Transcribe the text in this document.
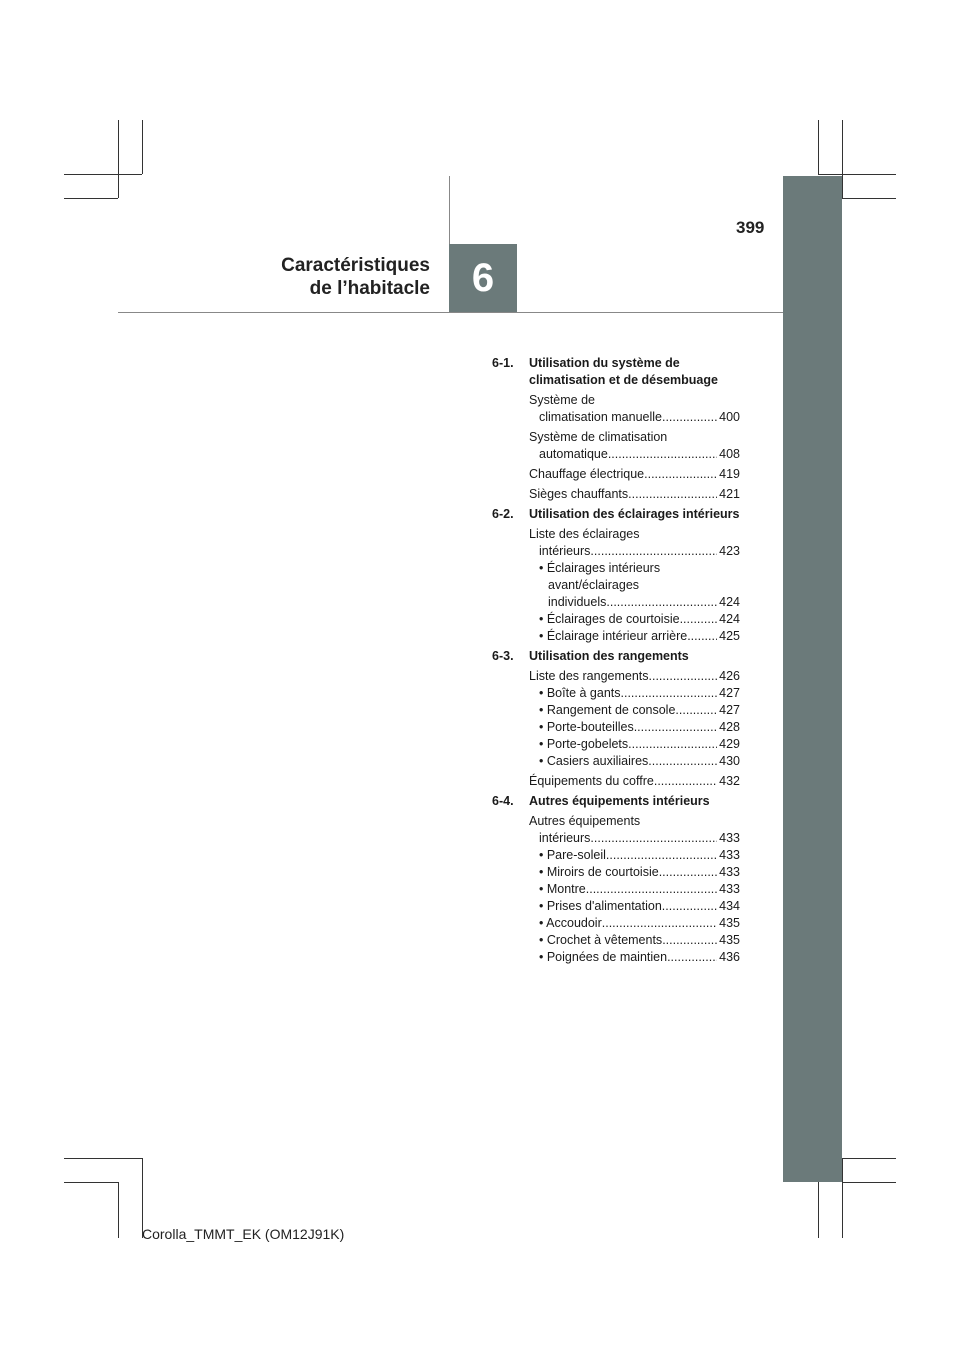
399
Caractéristiques
de l’habitacle	6
6-1.	Utilisation du système de climatisation et de désembuage
Système de
climatisation manuelle .....	400
Système de climatisation
automatique .....	408
Chauffage électrique .....	419
Sièges chauffants .....	421
6-2.	Utilisation des éclairages intérieurs
Liste des éclairages
intérieurs .....	423
• Éclairages intérieurs
avant/éclairages
individuels. .....	424
• Éclairages de courtoisie .....	424
• Éclairage intérieur arrière .....	425
6-3.	Utilisation des rangements
Liste des rangements .....	426
• Boîte à gants .....	427
• Rangement de console .....	427
• Porte-bouteilles .....	428
• Porte-gobelets .....	429
• Casiers auxiliaires .....	430
Équipements du coffre .....	432
6-4.	Autres équipements intérieurs
Autres équipements
intérieurs .....	433
• Pare-soleil .....	433
• Miroirs de courtoisie .....	433
• Montre .....	433
• Prises d'alimentation .....	434
• Accoudoir .....	435
• Crochet à vêtements .....	435
• Poignées de maintien .....	436
Corolla_TMMT_EK (OM12J91K)
